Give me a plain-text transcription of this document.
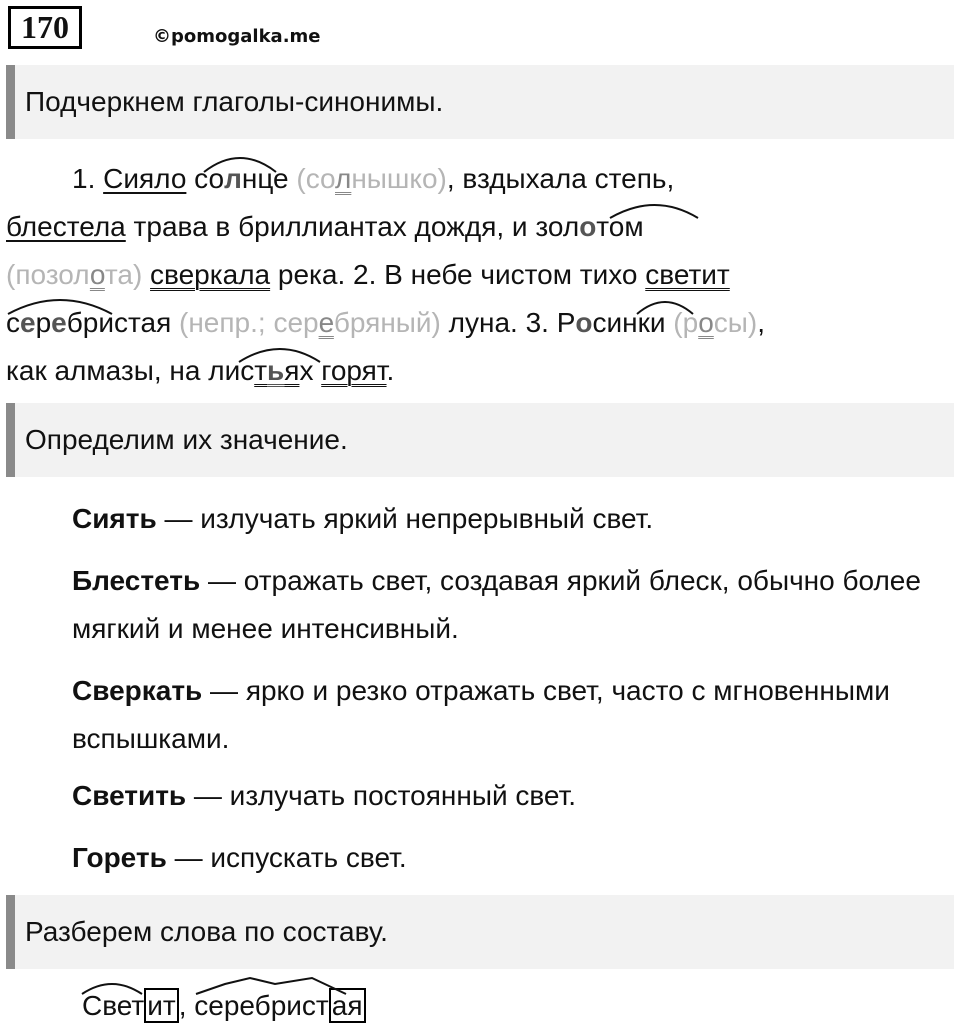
170	©pomogalka.me
Подчеркнем глаголы-синонимы.
1. Сияло солнце (солнышко), вздыхала степь,
блестела трава в бриллиантах дождя, и золотом
(позолота) сверкала река. 2. В небе чистом тихо светит
серебристая (непр.; серебряный) луна. 3. Росинки (росы),
как алмазы, на листьях горят.
Определим их значение.
Сиять — излучать яркий непрерывный свет.
Блестеть — отражать свет, создавая яркий блеск, обычно более мягкий и менее интенсивный.
Сверкать — ярко и резко отражать свет, часто с мгновенными вспышками.
Светить — излучать постоянный свет.
Гореть — испускать свет.
Разберем слова по составу.
Свет ит , серебрист ая
